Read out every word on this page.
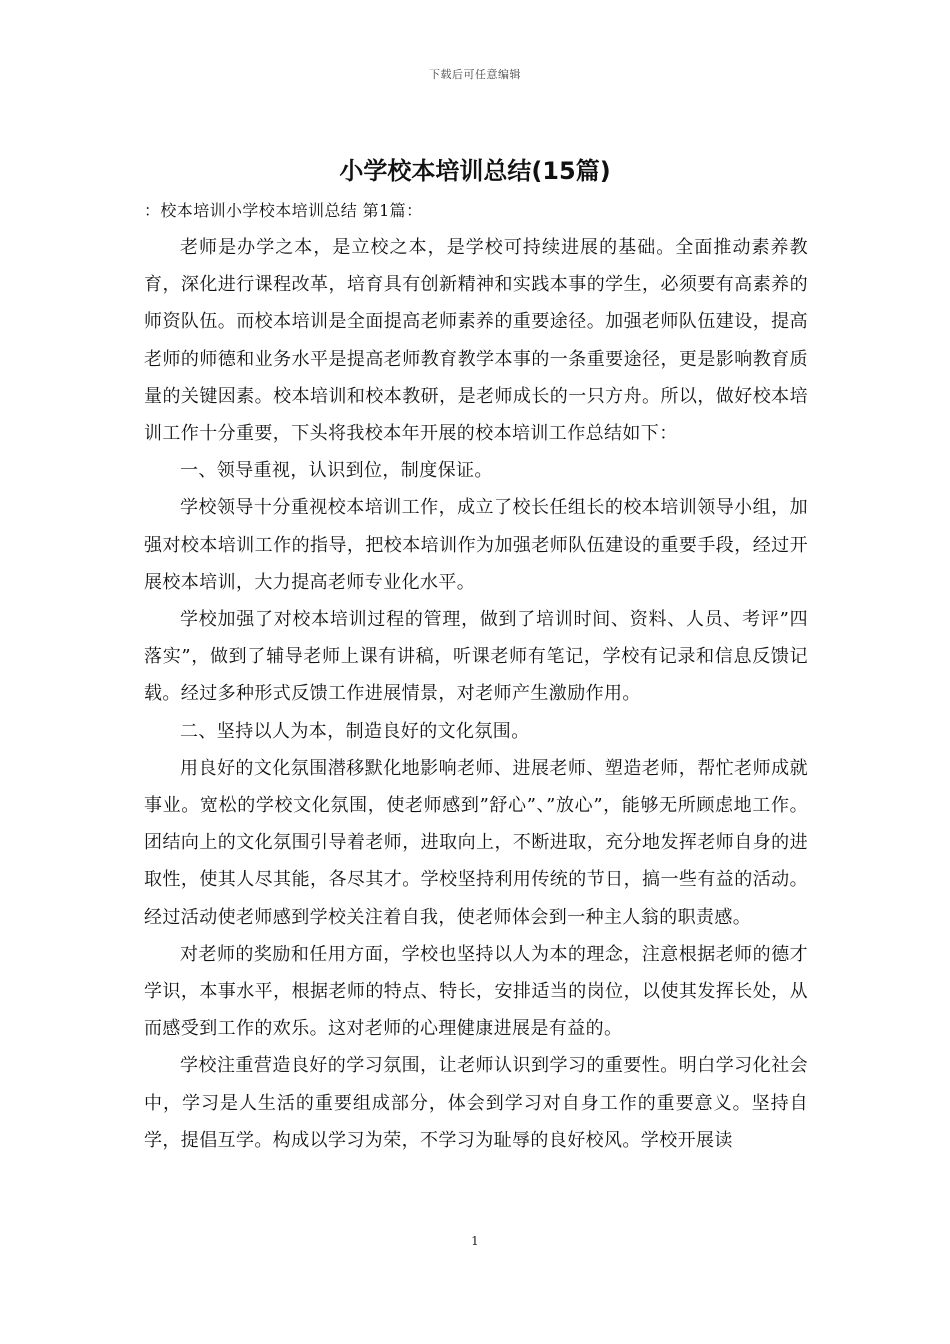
下载后可任意编辑
小学校本培训总结(15篇)

：校本培训小学校本培训总结 第1篇：

老师是办学之本，是立校之本，是学校可持续进展的基础。全面推动素养教育，深化进行课程改革，培育具有创新精神和实践本事的学生，必须要有高素养的师资队伍。而校本培训是全面提高老师素养的重要途径。加强老师队伍建设，提高老师的师德和业务水平是提高老师教育教学本事的一条重要途径，更是影响教育质量的关键因素。校本培训和校本教研，是老师成长的一只方舟。所以，做好校本培训工作十分重要，下头将我校本年开展的校本培训工作总结如下：

一、领导重视，认识到位，制度保证。

学校领导十分重视校本培训工作，成立了校长任组长的校本培训领导小组，加强对校本培训工作的指导，把校本培训作为加强老师队伍建设的重要手段，经过开展校本培训，大力提高老师专业化水平。

学校加强了对校本培训过程的管理，做到了培训时间、资料、人员、考评”四落实”，做到了辅导老师上课有讲稿，听课老师有笔记，学校有记录和信息反馈记载。经过多种形式反馈工作进展情景，对老师产生激励作用。

二、坚持以人为本，制造良好的文化氛围。

用良好的文化氛围潜移默化地影响老师、进展老师、塑造老师，帮忙老师成就事业。宽松的学校文化氛围，使老师感到”舒心”、”放心”，能够无所顾虑地工作。团结向上的文化氛围引导着老师，进取向上，不断进取，充分地发挥老师自身的进取性，使其人尽其能，各尽其才。学校坚持利用传统的节日，搞一些有益的活动。经过活动使老师感到学校关注着自我，使老师体会到一种主人翁的职责感。

对老师的奖励和任用方面，学校也坚持以人为本的理念，注意根据老师的德才学识，本事水平，根据老师的特点、特长，安排适当的岗位，以使其发挥长处，从而感受到工作的欢乐。这对老师的心理健康进展是有益的。

学校注重营造良好的学习氛围，让老师认识到学习的重要性。明白学习化社会中，学习是人生活的重要组成部分，体会到学习对自身工作的重要意义。坚持自学，提倡互学。构成以学习为荣，不学习为耻辱的良好校风。学校开展读

1
